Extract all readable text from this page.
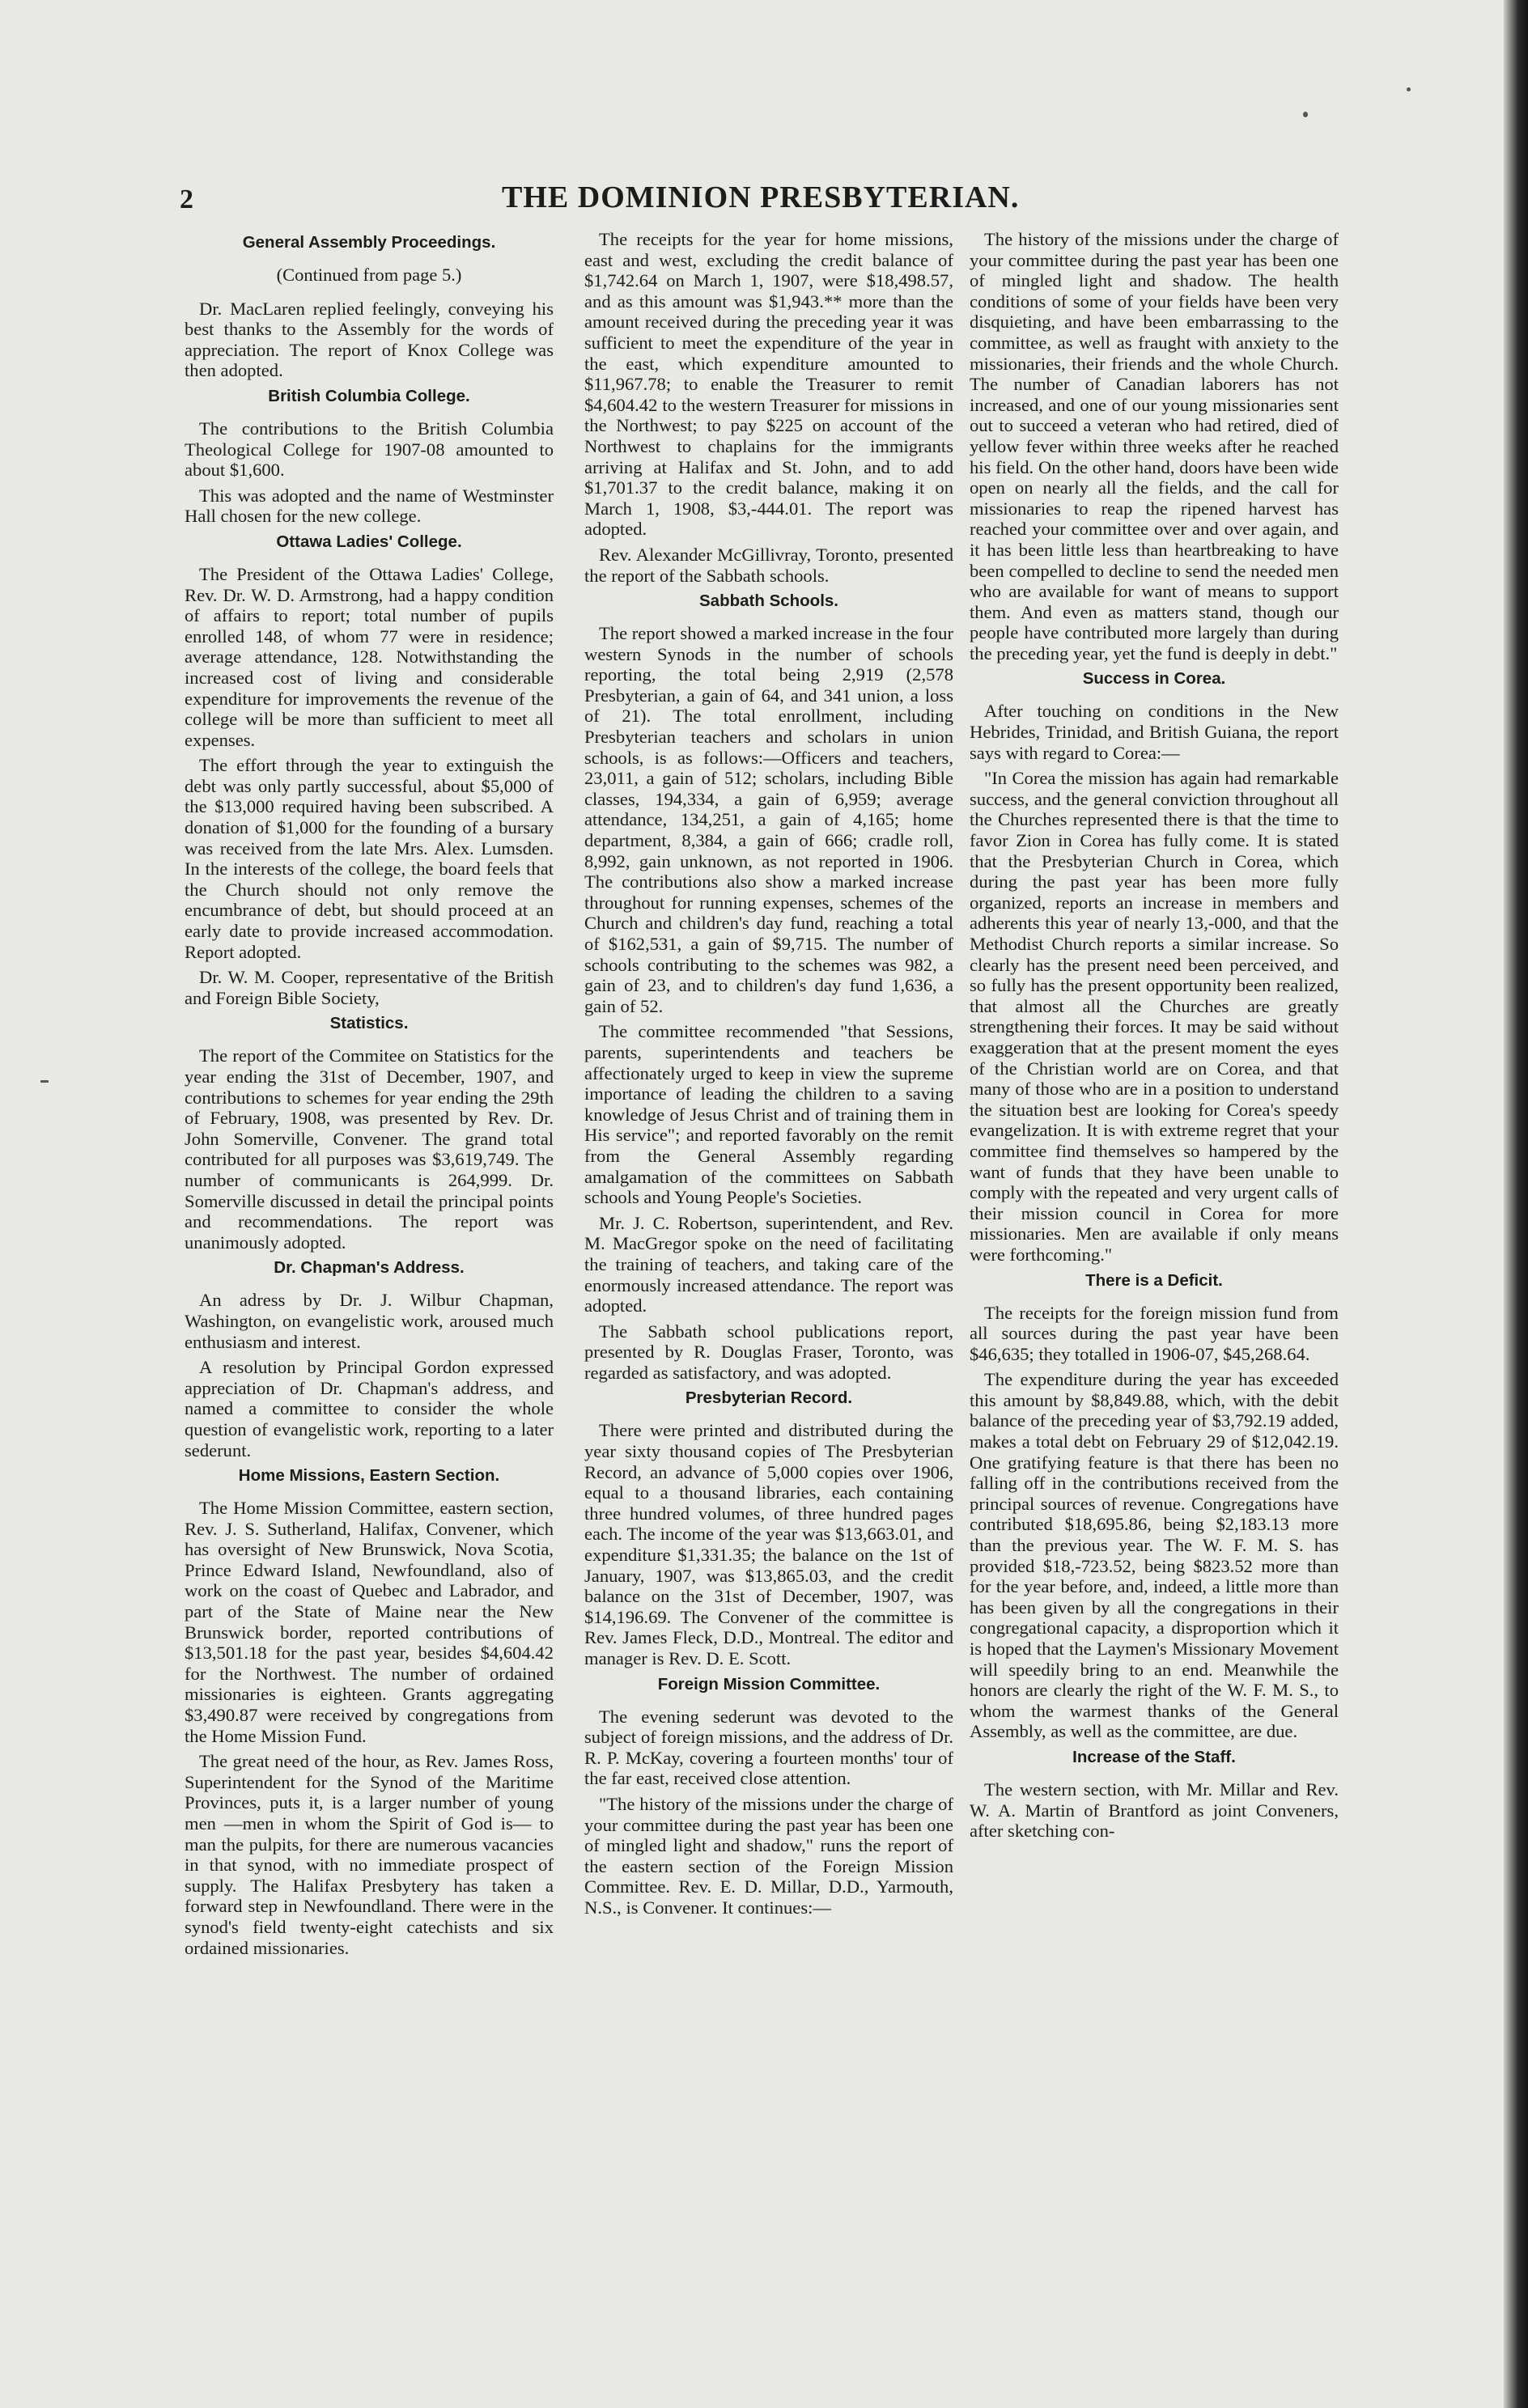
2	THE DOMINION PRESBYTERIAN.
General Assembly Proceedings.
(Continued from page 5.)

Dr. MacLaren replied feelingly, conveying his best thanks to the Assembly for the words of appreciation. The report of Knox College was then adopted.

British Columbia College.

The contributions to the British Columbia Theological College for 1907-08 amounted to about $1,600.

This was adopted and the name of Westminster Hall chosen for the new college.

Ottawa Ladies' College.

The President of the Ottawa Ladies' College, Rev. Dr. W. D. Armstrong, had a happy condition of affairs to report; total number of pupils enrolled 148, of whom 77 were in residence; average attendance, 128. Notwithstanding the increased cost of living and considerable expenditure for improvements the revenue of the college will be more than sufficient to meet all expenses.

The effort through the year to extinguish the debt was only partly successful, about $5,000 of the $13,000 required having been subscribed. A donation of $1,000 for the founding of a bursary was received from the late Mrs. Alex. Lumsden. In the interests of the college, the board feels that the Church should not only remove the encumbrance of debt, but should proceed at an early date to provide increased accommodation. Report adopted.

Dr. W. M. Cooper, representative of the British and Foreign Bible Society,

Statistics.

The report of the Commitee on Statistics for the year ending the 31st of December, 1907, and contributions to schemes for year ending the 29th of February, 1908, was presented by Rev. Dr. John Somerville, Convener. The grand total contributed for all purposes was $3,619,749. The number of communicants is 264,999. Dr. Somerville discussed in detail the principal points and recommendations. The report was unanimously adopted.

Dr. Chapman's Address.

An adress by Dr. J. Wilbur Chapman, Washington, on evangelistic work, aroused much enthusiasm and interest.

A resolution by Principal Gordon expressed appreciation of Dr. Chapman's address, and named a committee to consider the whole question of evangelistic work, reporting to a later sederunt.

Home Missions, Eastern Section.

The Home Mission Committee, eastern section, Rev. J. S. Sutherland, Halifax, Convener, which has oversight of New Brunswick, Nova Scotia, Prince Edward Island, Newfoundland, also of work on the coast of Quebec and Labrador, and part of the State of Maine near the New Brunswick border, reported contributions of $13,501.18 for the past year, besides $4,604.42 for the Northwest. The number of ordained missionaries is eighteen. Grants aggregating $3,490.87 were received by congregations from the Home Mission Fund.

The great need of the hour, as Rev. James Ross, Superintendent for the Synod of the Maritime Provinces, puts it, is a larger number of young men —men in whom the Spirit of God is— to man the pulpits, for there are numerous vacancies in that synod, with no immediate prospect of supply. The Halifax Presbytery has taken a forward step in Newfoundland. There were in the synod's field twenty-eight catechists and six ordained missionaries.

The receipts for the year for home missions, east and west, excluding the credit balance of $1,742.64 on March 1, 1907, were $18,498.57, and as this amount was $1,943.** more than the amount received during the preceding year it was sufficient to meet the expenditure of the year in the east, which expenditure amounted to $11,967.78; to enable the Treasurer to remit $4,604.42 to the western Treasurer for missions in the Northwest; to pay $225 on account of the Northwest to chaplains for the immigrants arriving at Halifax and St. John, and to add $1,701.37 to the credit balance, making it on March 1, 1908, $3,-444.01. The report was adopted.

Rev. Alexander McGillivray, Toronto, presented the report of the Sabbath schools.

Sabbath Schools.

The report showed a marked increase in the four western Synods in the number of schools reporting, the total being 2,919 (2,578 Presbyterian, a gain of 64, and 341 union, a loss of 21). The total enrollment, including Presbyterian teachers and scholars in union schools, is as follows:—Officers and teachers, 23,011, a gain of 512; scholars, including Bible classes, 194,334, a gain of 6,959; average attendance, 134,251, a gain of 4,165; home department, 8,384, a gain of 666; cradle roll, 8,992, gain unknown, as not reported in 1906. The contributions also show a marked increase throughout for running expenses, schemes of the Church and children's day fund, reaching a total of $162,531, a gain of $9,715. The number of schools contributing to the schemes was 982, a gain of 23, and to children's day fund 1,636, a gain of 52.

The committee recommended "that Sessions, parents, superintendents and teachers be affectionately urged to keep in view the supreme importance of leading the children to a saving knowledge of Jesus Christ and of training them in His service"; and reported favorably on the remit from the General Assembly regarding amalgamation of the committees on Sabbath schools and Young People's Societies.

Mr. J. C. Robertson, superintendent, and Rev. M. MacGregor spoke on the need of facilitating the training of teachers, and taking care of the enormously increased attendance. The report was adopted.

The Sabbath school publications report, presented by R. Douglas Fraser, Toronto, was regarded as satisfactory, and was adopted.

Presbyterian Record.

There were printed and distributed during the year sixty thousand copies of The Presbyterian Record, an advance of 5,000 copies over 1906, equal to a thousand libraries, each containing three hundred volumes, of three hundred pages each. The income of the year was $13,663.01, and expenditure $1,331.35; the balance on the 1st of January, 1907, was $13,865.03, and the credit balance on the 31st of December, 1907, was $14,196.69. The Convener of the committee is Rev. James Fleck, D.D., Montreal. The editor and manager is Rev. D. E. Scott.

Foreign Mission Committee.

The evening sederunt was devoted to the subject of foreign missions, and the address of Dr. R. P. McKay, covering a fourteen months' tour of the far east, received close attention.

"The history of the missions under the charge of your committee during the past year has been one of mingled light and shadow," runs the report of the eastern section of the Foreign Mission Committee. Rev. E. D. Millar, D.D., Yarmouth, N.S., is Convener. It continues:—

The history of the missions under the charge of your committee during the past year has been one of mingled light and shadow. The health conditions of some of your fields have been very disquieting, and have been embarrassing to the committee, as well as fraught with anxiety to the missionaries, their friends and the whole Church. The number of Canadian laborers has not increased, and one of our young missionaries sent out to succeed a veteran who had retired, died of yellow fever within three weeks after he reached his field. On the other hand, doors have been wide open on nearly all the fields, and the call for missionaries to reap the ripened harvest has reached your committee over and over again, and it has been little less than heartbreaking to have been compelled to decline to send the needed men who are available for want of means to support them. And even as matters stand, though our people have contributed more largely than during the preceding year, yet the fund is deeply in debt."

Success in Corea.

After touching on conditions in the New Hebrides, Trinidad, and British Guiana, the report says with regard to Corea:—

"In Corea the mission has again had remarkable success, and the general conviction throughout all the Churches represented there is that the time to favor Zion in Corea has fully come. It is stated that the Presbyterian Church in Corea, which during the past year has been more fully organized, reports an increase in members and adherents this year of nearly 13,-000, and that the Methodist Church reports a similar increase. So clearly has the present need been perceived, and so fully has the present opportunity been realized, that almost all the Churches are greatly strengthening their forces. It may be said without exaggeration that at the present moment the eyes of the Christian world are on Corea, and that many of those who are in a position to understand the situation best are looking for Corea's speedy evangelization. It is with extreme regret that your committee find themselves so hampered by the want of funds that they have been unable to comply with the repeated and very urgent calls of their mission council in Corea for more missionaries. Men are available if only means were forthcoming."

There is a Deficit.

The receipts for the foreign mission fund from all sources during the past year have been $46,635; they totalled in 1906-07, $45,268.64.

The expenditure during the year has exceeded this amount by $8,849.88, which, with the debit balance of the preceding year of $3,792.19 added, makes a total debt on February 29 of $12,042.19. One gratifying feature is that there has been no falling off in the contributions received from the principal sources of revenue. Congregations have contributed $18,695.86, being $2,183.13 more than the previous year. The W. F. M. S. has provided $18,-723.52, being $823.52 more than for the year before, and, indeed, a little more than has been given by all the congregations in their congregational capacity, a disproportion which it is hoped that the Laymen's Missionary Movement will speedily bring to an end. Meanwhile the honors are clearly the right of the W. F. M. S., to whom the warmest thanks of the General Assembly, as well as the committee, are due.

Increase of the Staff.

The western section, with Mr. Millar and Rev. W. A. Martin of Brantford as joint Conveners, after sketching con-
